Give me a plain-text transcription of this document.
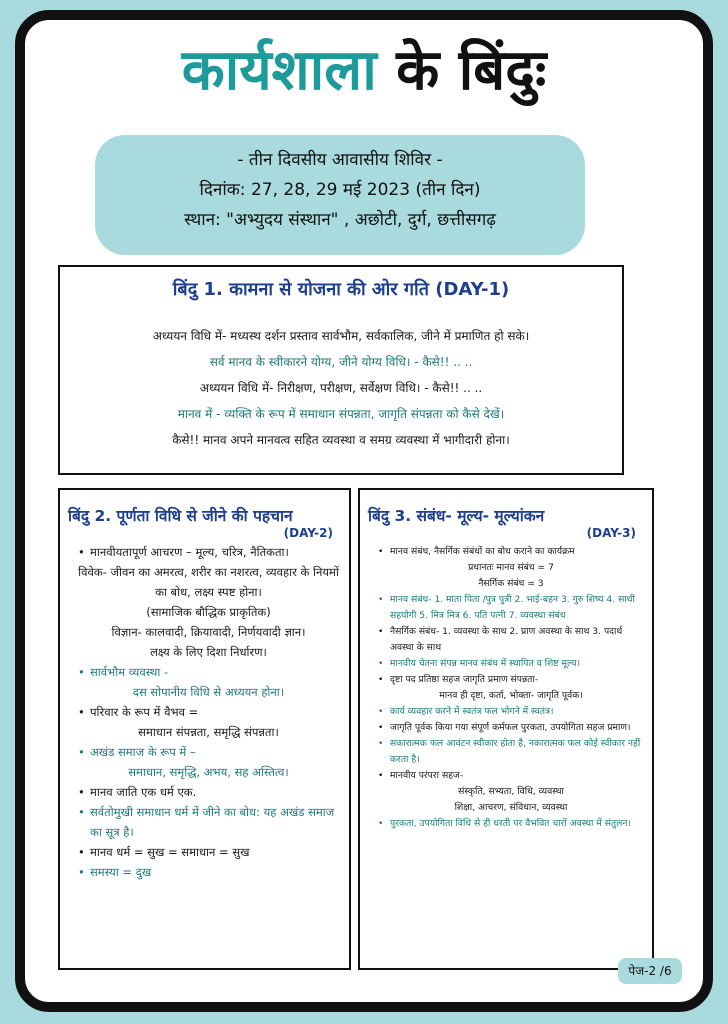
कार्यशाला के बिंदुः
- तीन दिवसीय आवासीय शिविर -
दिनांक: 27, 28, 29 मई 2023 (तीन दिन)
स्थान: "अभ्युदय संस्थान" , अछोटी, दुर्ग, छत्तीसगढ़
बिंदु 1. कामना से योजना की ओर गति (DAY-1)
अध्ययन विधि में- मध्यस्थ दर्शन प्रस्ताव सार्वभौम, सर्वकालिक, जीने में प्रमाणित हो सके।
सर्व मानव के स्वीकारने योग्य, जीने योग्य विधि। - कैसे!! .. ..
अध्ययन विधि में- निरीक्षण, परीक्षण, सर्वेक्षण विधि। - कैसे!! .. ..
मानव में - व्यक्ति के रूप में समाधान संपन्नता, जागृति संपन्नता को कैसे देखें।
कैसे!! मानव अपने मानवत्व सहित व्यवस्था व समग्र व्यवस्था में भागीदारी होना।
बिंदु 2. पूर्णता विधि से जीने की पहचान
(DAY-2)
• मानवीयतापूर्ण आचरण – मूल्य, चरित्र, नैतिकता।
विवेक- जीवन का अमरत्व, शरीर का नशरत्व, व्यवहार के नियमों का बोध, लक्ष्य स्पष्ट होना।
(सामाजिक बौद्धिक प्राकृतिक)
विज्ञान- कालवादी, क्रियावादी, निर्णयवादी ज्ञान।
लक्ष्य के लिए दिशा निर्धारण।
• सार्वभौम व्यवस्था -
दस सोपानीय विधि से अध्ययन होना।
• परिवार के रूप में वैभव =
समाधान संपन्नता, समृद्धि संपन्नता।
• अखंड समाज के रूप में –
समाधान, समृद्धि, अभय, सह अस्तित्व।
• मानव जाति एक धर्म एक.
• सर्वतोमुखी समाधान धर्म में जीने का बोध: यह अखंड समाज का सूत्र है।
• मानव धर्म = सुख = समाधान = सुख
• समस्या = दुख
बिंदु 3. संबंध- मूल्य- मूल्यांकन
(DAY-3)
• मानव संबंध, नैसर्गिक संबंधों का बोध कराने का कार्यक्रम
प्रधानतः मानव संबंध = 7
नैसर्गिक संबंध = 3
• मानव संबंध- 1. माता पिता /पुत्र पुत्री 2. भाई-बहन 3. गुरु शिष्य 4. साथी सहयोगी 5. मित्र मित्र 6. पति पत्नी 7. व्यवस्था संबंध
• नैसर्गिक संबंध- 1. व्यवस्था के साथ 2. प्राण अवस्था के साथ 3. पदार्थ अवस्था के साथ
• मानवीय चेतना संपन्न मानव संबंध में स्थापित व शिष्ट मूल्य।
• दृष्टा पद प्रतिष्ठा सहज जागृति प्रमाण संपन्नता-
मानव ही दृष्टा, कर्ता, भोक्ता- जागृति पूर्वक।
• कार्य व्यवहार करने में स्वतंत्र फल भोगने में स्वतंत्र।
• जागृति पूर्वक किया गया संपूर्ण कर्मफल पुरकता, उपयोगिता सहज प्रमाण।
• सकारात्मक फल आवंटन स्वीकार होता है, नकारात्मक फल कोई स्वीकार नहीं करता है।
• मानवीय परंपरा सहज-
संस्कृति, सभ्यता, विधि, व्यवस्था
शिक्षा, आचरण, संविधान, व्यवस्था
• पुरकता, उपयोगिता विधि से ही धरती पर वैभवित चारों अवस्था में संतुलन।
पेज-2 /6
